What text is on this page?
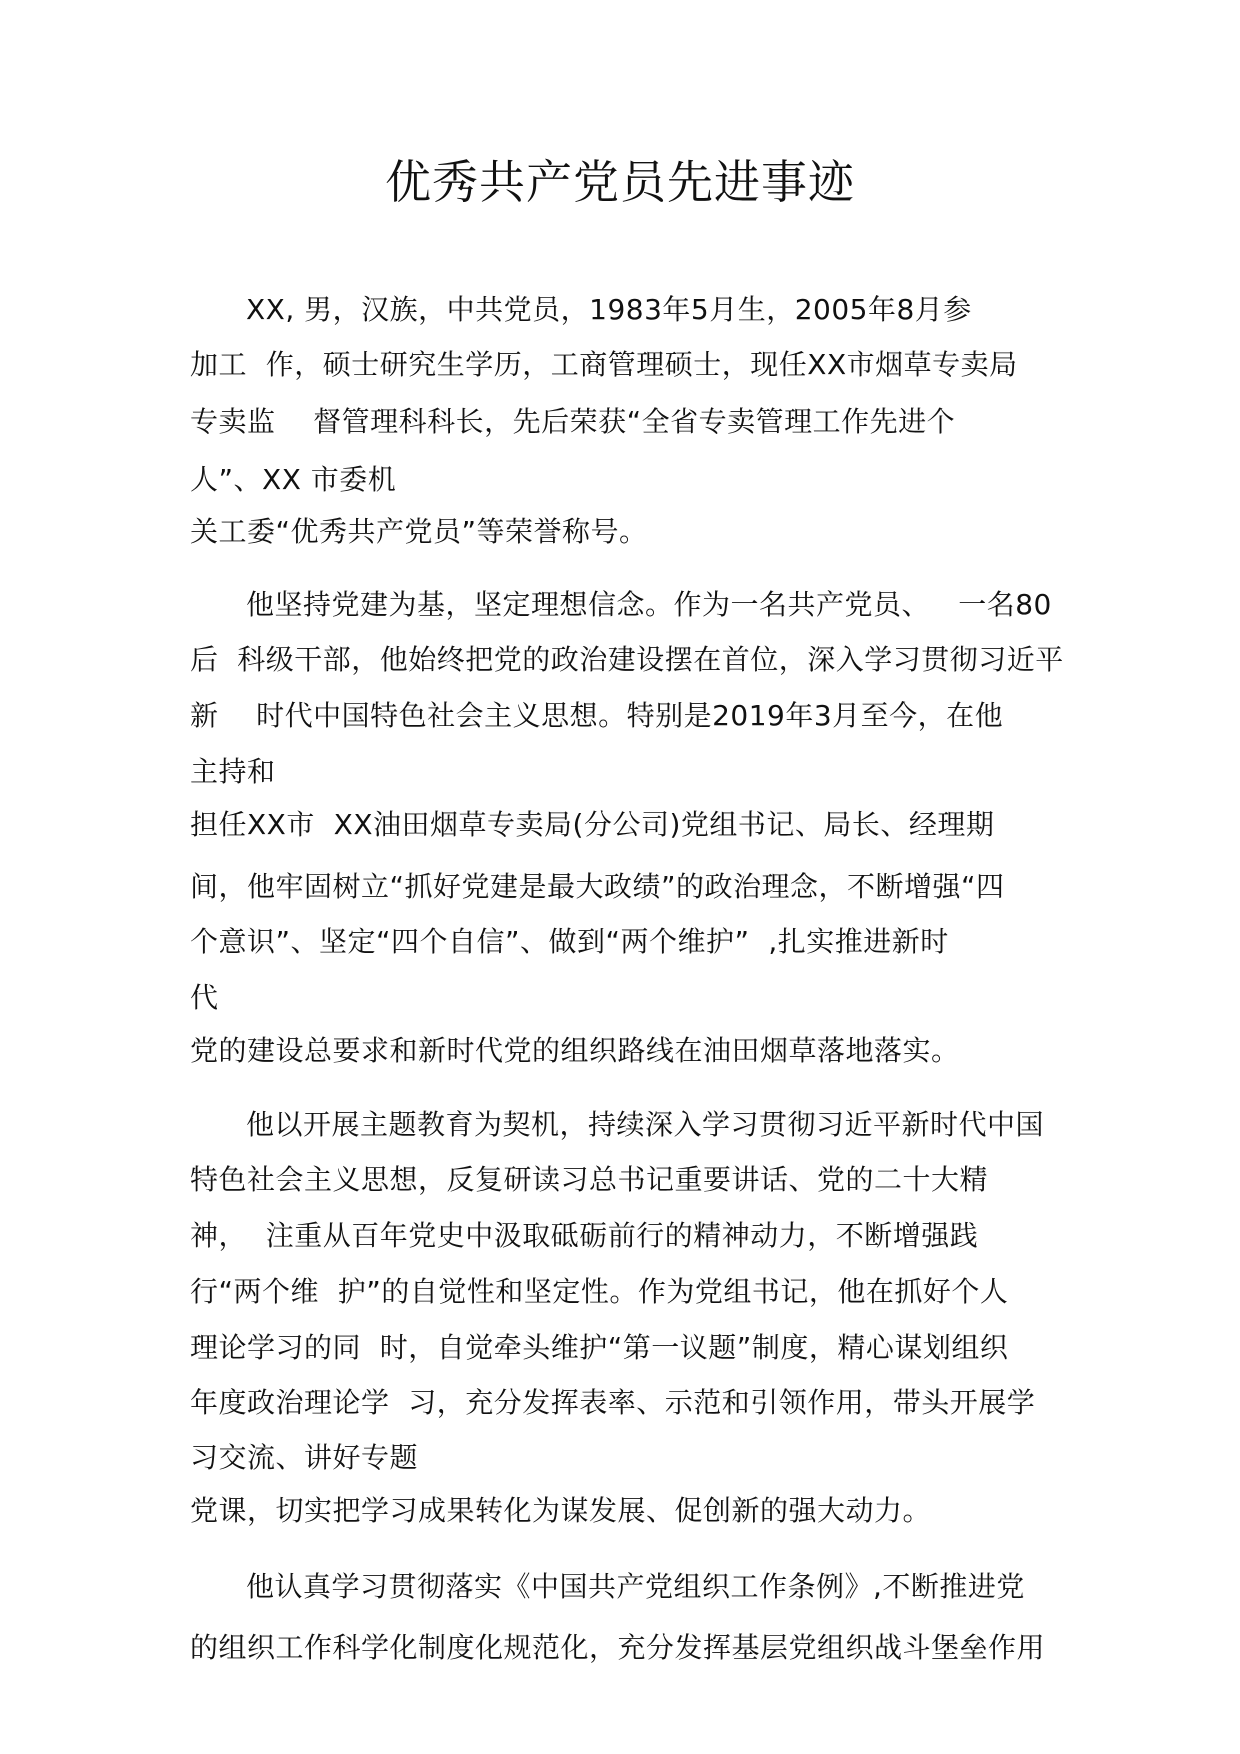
优秀共产党员先进事迹
XX, 男，汉族，中共党员，1983年5月生，2005年8月参
加工  作，硕士研究生学历，工商管理硕士，现任XX市烟草专卖局
专卖监    督管理科科长，先后荣获“全省专卖管理工作先进个
人”、XX 市委机
关工委“优秀共产党员”等荣誉称号。
他坚持党建为基，坚定理想信念。作为一名共产党员、   一名80
后  科级干部，他始终把党的政治建设摆在首位，深入学习贯彻习近平
新    时代中国特色社会主义思想。特别是2019年3月至今，在他
主持和
担任XX市  XX油田烟草专卖局(分公司)党组书记、局长、经理期
间，他牢固树立“抓好党建是最大政绩”的政治理念，不断增强“四
个意识”、坚定“四个自信”、做到“两个维护”  ,扎实推进新时
代
党的建设总要求和新时代党的组织路线在油田烟草落地落实。
他以开展主题教育为契机，持续深入学习贯彻习近平新时代中国
特色社会主义思想，反复研读习总书记重要讲话、党的二十大精
神，  注重从百年党史中汲取砥砺前行的精神动力，不断增强践
行“两个维  护”的自觉性和坚定性。作为党组书记，他在抓好个人
理论学习的同  时，自觉牵头维护“第一议题”制度，精心谋划组织
年度政治理论学  习，充分发挥表率、示范和引领作用，带头开展学
习交流、讲好专题
党课，切实把学习成果转化为谋发展、促创新的强大动力。
他认真学习贯彻落实《中国共产党组织工作条例》,不断推进党
的组织工作科学化制度化规范化，充分发挥基层党组织战斗堡垒作用
